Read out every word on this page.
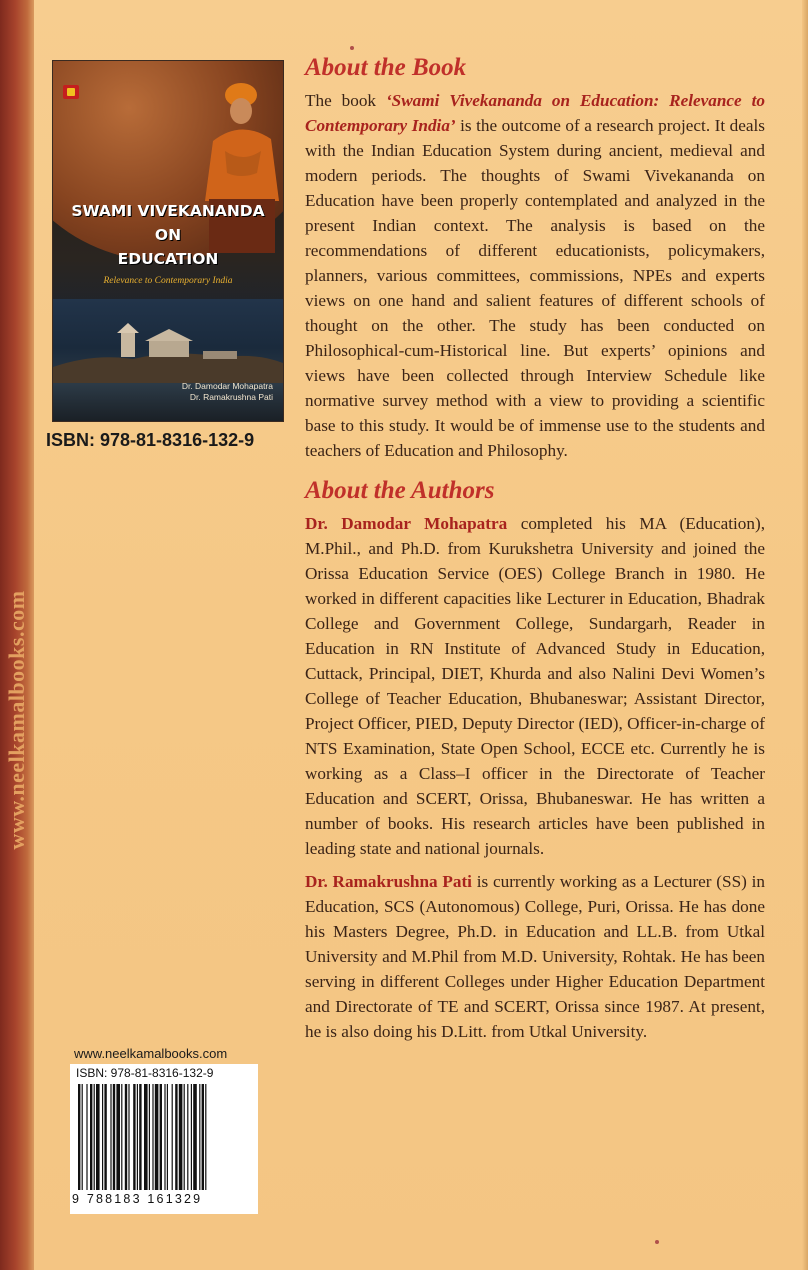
www.neelkamalbooks.com
SWAMI VIVEKANANDA
ON
EDUCATION
Relevance to Contemporary India
Dr. Damodar Mohapatra
Dr. Ramakrushna Pati
ISBN: 978-81-8316-132-9
www.neelkamalbooks.com
ISBN: 978-81-8316-132-9
9 788183 161329
About the Book

The book ‘Swami Vivekananda on Education: Relevance to Contemporary India’ is the outcome of a research project. It deals with the Indian Education System during ancient, medieval and modern periods. The thoughts of Swami Vivekananda on Education have been properly contemplated and analyzed in the present Indian context. The analysis is based on the recommendations of different educationists, policymakers, planners, various committees, commissions, NPEs and experts views on one hand and salient features of different schools of thought on the other. The study has been conducted on Philosophical-cum-Historical line. But experts’ opinions and views have been collected through Interview Schedule like normative survey method with a view to providing a scientific base to this study. It would be of immense use to the students and teachers of Education and Philosophy.

About the Authors

Dr. Damodar Mohapatra completed his MA (Education), M.Phil., and Ph.D. from Kurukshetra University and joined the Orissa Education Service (OES) College Branch in 1980. He worked in different capacities like Lecturer in Education, Bhadrak College and Government College, Sundargarh, Reader in Education in RN Institute of Advanced Study in Education, Cuttack, Principal, DIET, Khurda and also Nalini Devi Women’s College of Teacher Education, Bhubaneswar; Assistant Director, Project Officer, PIED, Deputy Director (IED), Officer-in-charge of NTS Examination, State Open School, ECCE etc. Currently he is working as a Class–I officer in the Directorate of Teacher Education and SCERT, Orissa, Bhubaneswar. He has written a number of books. His research articles have been published in leading state and national journals.

Dr. Ramakrushna Pati is currently working as a Lecturer (SS) in Education, SCS (Autonomous) College, Puri, Orissa. He has done his Masters Degree, Ph.D. in Education and LL.B. from Utkal University and M.Phil from M.D. University, Rohtak. He has been serving in different Colleges under Higher Education Department and Directorate of TE and SCERT, Orissa since 1987. At present, he is also doing his D.Litt. from Utkal University.
